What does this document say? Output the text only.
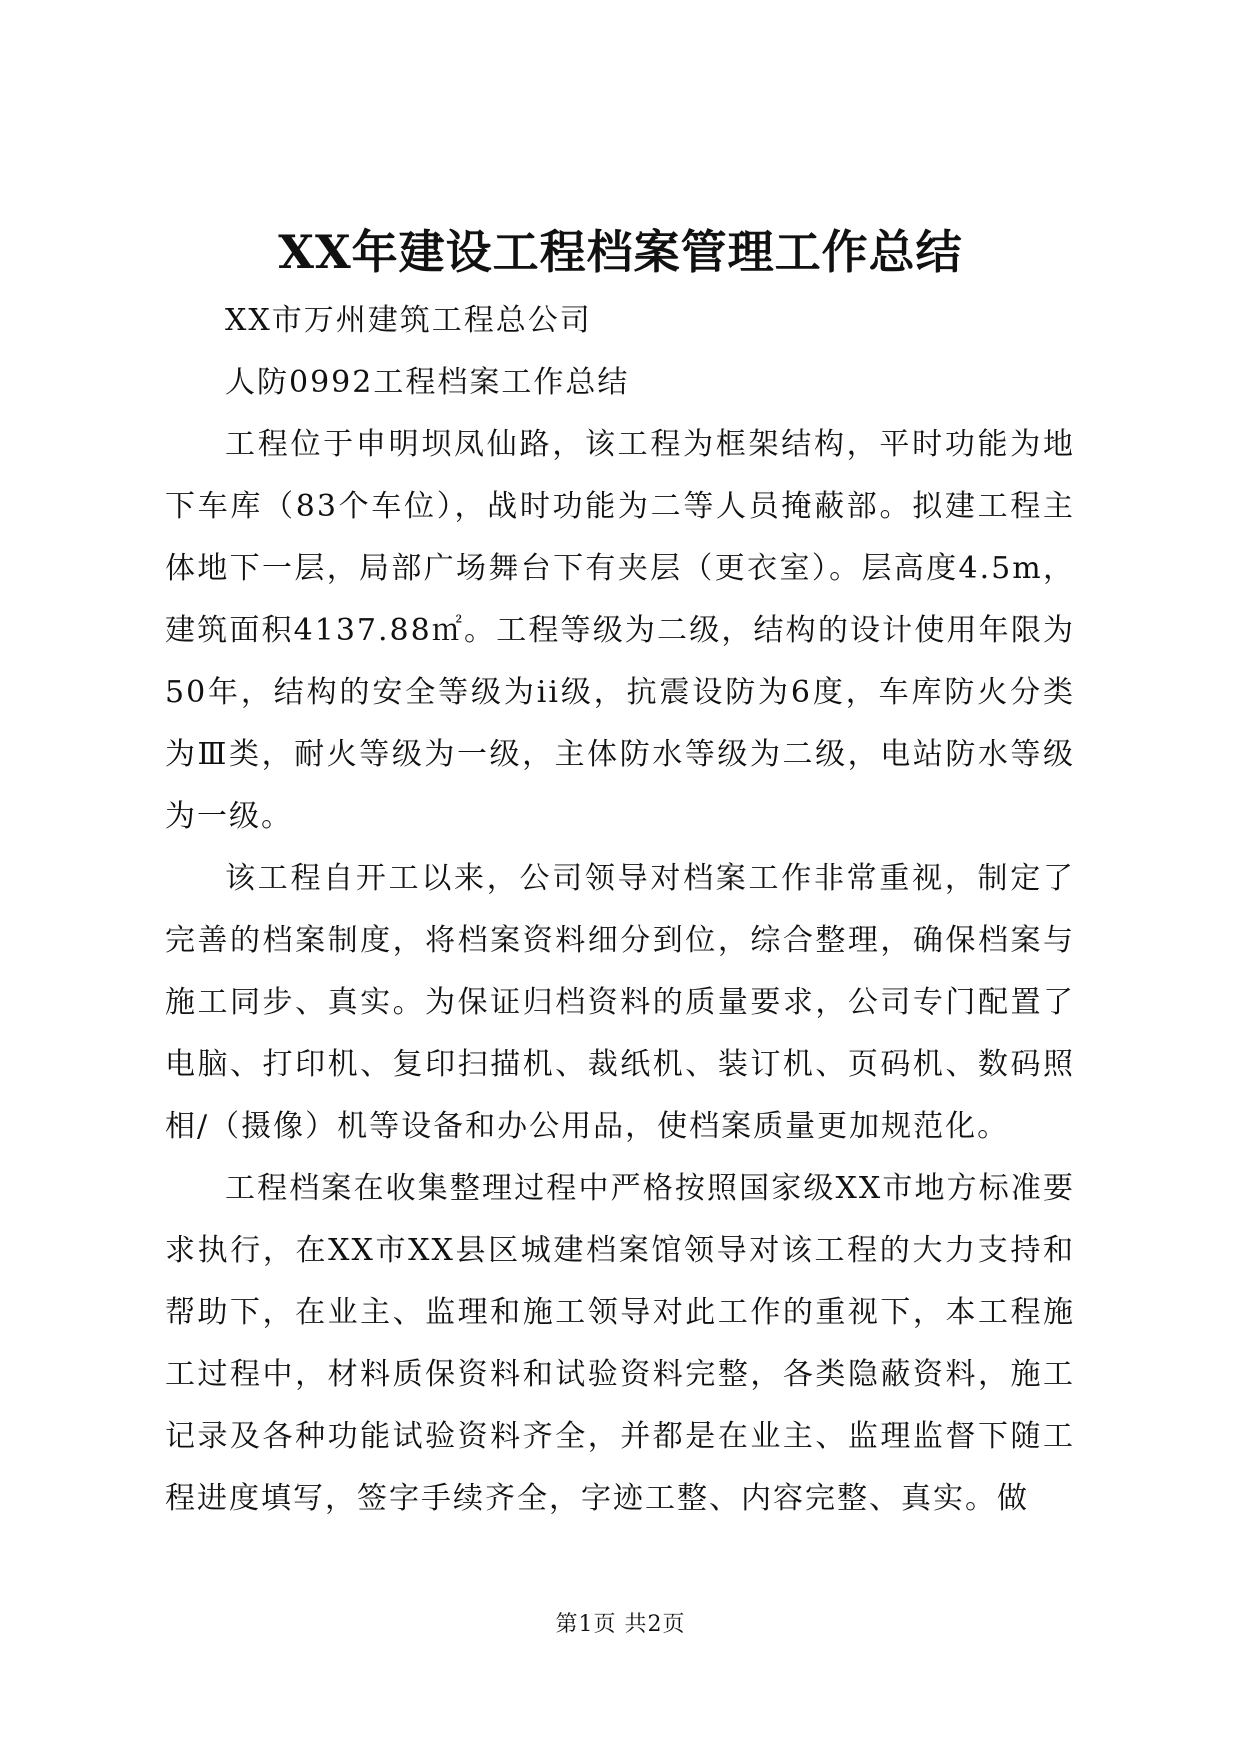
XX年建设工程档案管理工作总结

XX市万州建筑工程总公司

人防0992工程档案工作总结

工程位于申明坝凤仙路，该工程为框架结构，平时功能为地下车库（83个车位），战时功能为二等人员掩蔽部。拟建工程主体地下一层，局部广场舞台下有夹层（更衣室）。层高度4.5m，建筑面积4137.88㎡。工程等级为二级，结构的设计使用年限为50年，结构的安全等级为ii级，抗震设防为6度，车库防火分类为Ⅲ类，耐火等级为一级，主体防水等级为二级，电站防水等级为一级。

该工程自开工以来，公司领导对档案工作非常重视，制定了完善的档案制度，将档案资料细分到位，综合整理，确保档案与施工同步、真实。为保证归档资料的质量要求，公司专门配置了电脑、打印机、复印扫描机、裁纸机、装订机、页码机、数码照相/（摄像）机等设备和办公用品，使档案质量更加规范化。

工程档案在收集整理过程中严格按照国家级XX市地方标准要求执行，在XX市XX县区城建档案馆领导对该工程的大力支持和帮助下，在业主、监理和施工领导对此工作的重视下，本工程施工过程中，材料质保资料和试验资料完整，各类隐蔽资料，施工记录及各种功能试验资料齐全，并都是在业主、监理监督下随工程进度填写，签字手续齐全，字迹工整、内容完整、真实。做

第1页 共2页
